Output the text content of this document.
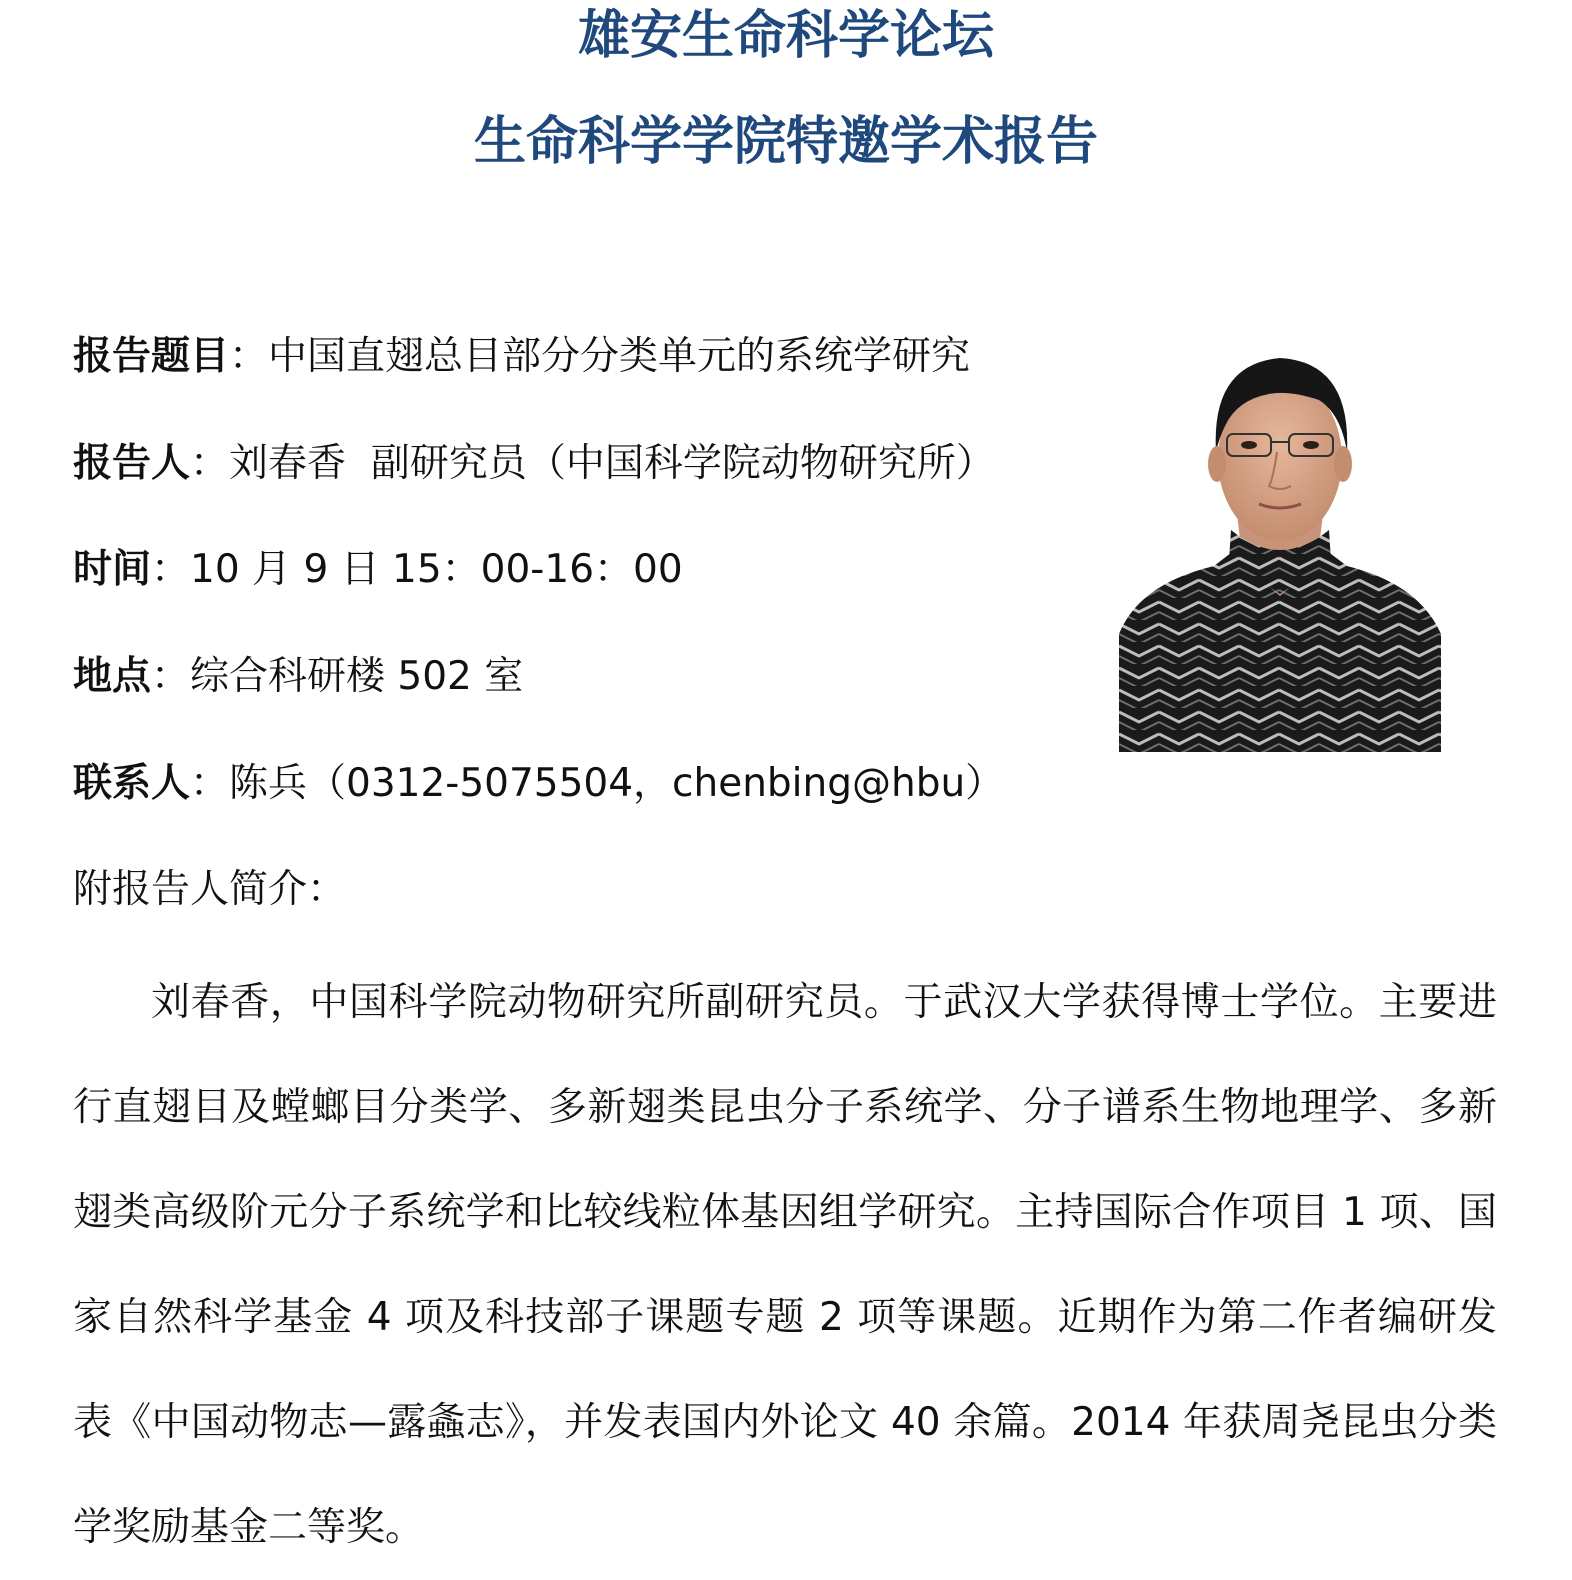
雄安生命科学论坛
生命科学学院特邀学术报告
报告题目：中国直翅总目部分分类单元的系统学研究
报告人：刘春香  副研究员（中国科学院动物研究所）
时间：10 月 9 日 15：00-16：00
地点：综合科研楼 502 室
联系人：陈兵（0312-5075504，chenbing@hbu）
附报告人简介：

刘春香，中国科学院动物研究所副研究员。于武汉大学获得博士学位。主要进行直翅目及螳螂目分类学、多新翅类昆虫分子系统学、分子谱系生物地理学、多新翅类高级阶元分子系统学和比较线粒体基因组学研究。主持国际合作项目 1 项、国家自然科学基金 4 项及科技部子课题专题 2 项等课题。近期作为第二作者编研发表《中国动物志—露螽志》，并发表国内外论文 40 余篇。2014 年获周尧昆虫分类学奖励基金二等奖。
